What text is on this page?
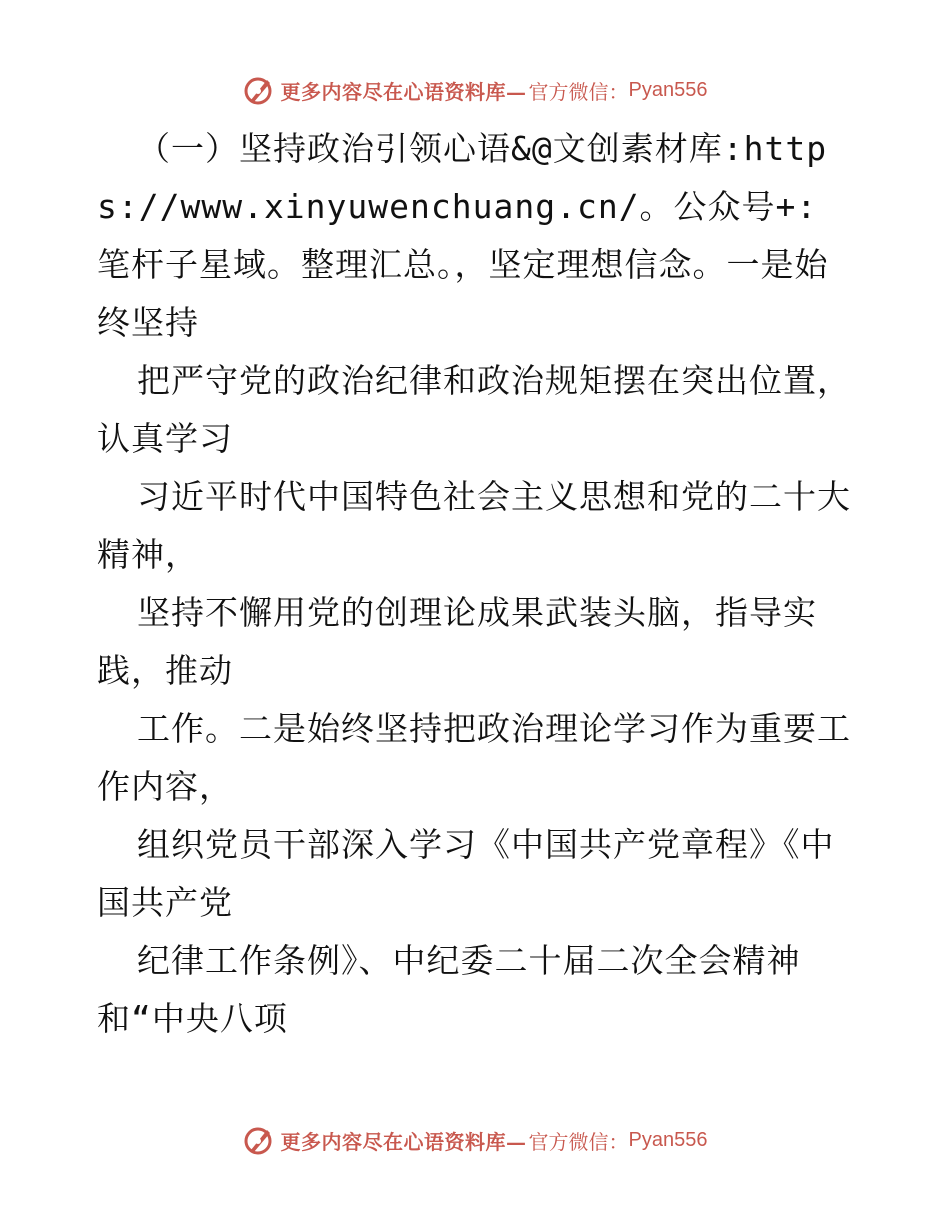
更多内容尽在心语资料库— 官方微信： Pyan556

（一）坚持政治引领心语&@文创素材库:https://www.xinyuwenchuang.cn/。公众号+: 笔杆子星域。整理汇总。，坚定理想信念。一是始终坚持

把严守党的政治纪律和政治规矩摆在突出位置，认真学习

习近平时代中国特色社会主义思想和党的二十大精神，

坚持不懈用党的创理论成果武装头脑，指导实践，推动

工作。二是始终坚持把政治理论学习作为重要工作内容，

组织党员干部深入学习《中国共产党章程》《中国共产党

纪律工作条例》、中纪委二十届二次全会精神和“中央八项

更多内容尽在心语资料库— 官方微信： Pyan556
